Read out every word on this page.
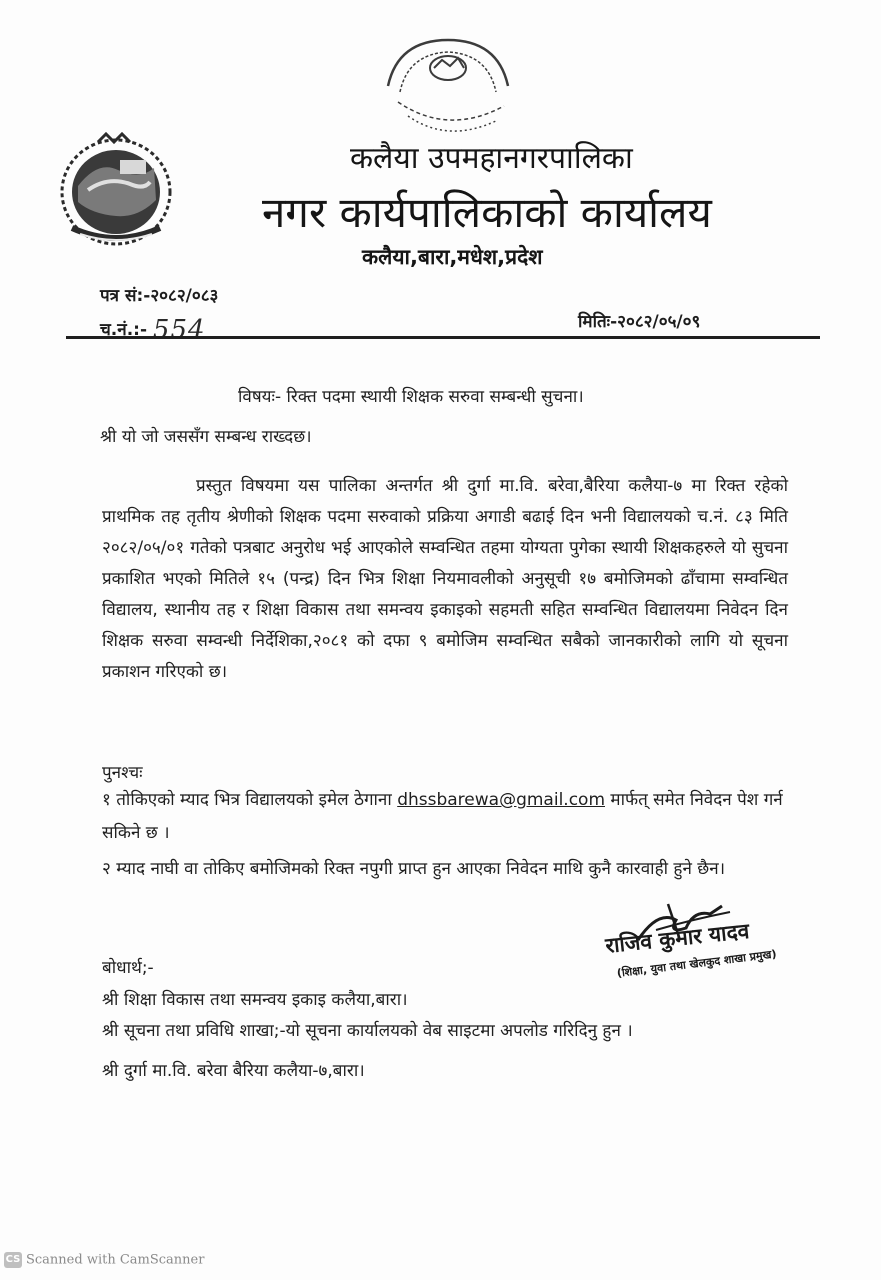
कलैया उपमहानगरपालिका
नगर कार्यपालिकाको कार्यालय
कलैया,बारा,मधेश,प्रदेश
पत्र सं:-२०८२/०८३
च.नं.:- 554	मितिः-२०८२/०५/०९
विषयः- रिक्त पदमा स्थायी शिक्षक सरुवा सम्बन्धी सुचना।
श्री यो जो जससँग सम्बन्ध राख्दछ।
प्रस्तुत विषयमा यस पालिका अन्तर्गत श्री दुर्गा मा.वि. बरेवा,बैरिया कलैया-७ मा रिक्त रहेको प्राथमिक तह तृतीय श्रेणीको शिक्षक पदमा सरुवाको प्रक्रिया अगाडी बढाई दिन भनी विद्यालयको च.नं. ८३ मिति २०८२/०५/०१ गतेको पत्रबाट अनुरोध भई आएकोले सम्वन्धित तहमा योग्यता पुगेका स्थायी शिक्षकहरुले यो सुचना प्रकाशित भएको मितिले १५ (पन्द्र) दिन भित्र शिक्षा नियमावलीको अनुसूची १७ बमोजिमको ढाँचामा सम्वन्धित विद्यालय, स्थानीय तह र शिक्षा विकास तथा समन्वय इकाइको सहमती सहित सम्वन्धित विद्यालयमा निवेदन दिन शिक्षक सरुवा सम्वन्धी निर्देशिका,२०८१ को दफा ९ बमोजिम सम्वन्धित सबैको जानकारीको लागि यो सूचना प्रकाशन गरिएको छ।
पुनश्चः
१ तोकिएको म्याद भित्र विद्यालयको इमेल ठेगाना dhssbarewa@gmail.com मार्फत् समेत निवेदन पेश गर्न सकिने छ ।
२ म्याद नाघी वा तोकिए बमोजिमको रिक्त नपुगी प्राप्त हुन आएका निवेदन माथि कुनै कारवाही हुने छैन।
राजिव कुमार यादव
(शिक्षा, युवा तथा खेलकुद शाखा प्रमुख)
बोधार्थ;-
श्री शिक्षा विकास तथा समन्वय इकाइ कलैया,बारा।
श्री सूचना तथा प्रविधि शाखा;-यो सूचना कार्यालयको वेब साइटमा अपलोड गरिदिनु हुन ।
श्री दुर्गा मा.वि. बरेवा बैरिया कलैया-७,बारा।
CS Scanned with CamScanner
